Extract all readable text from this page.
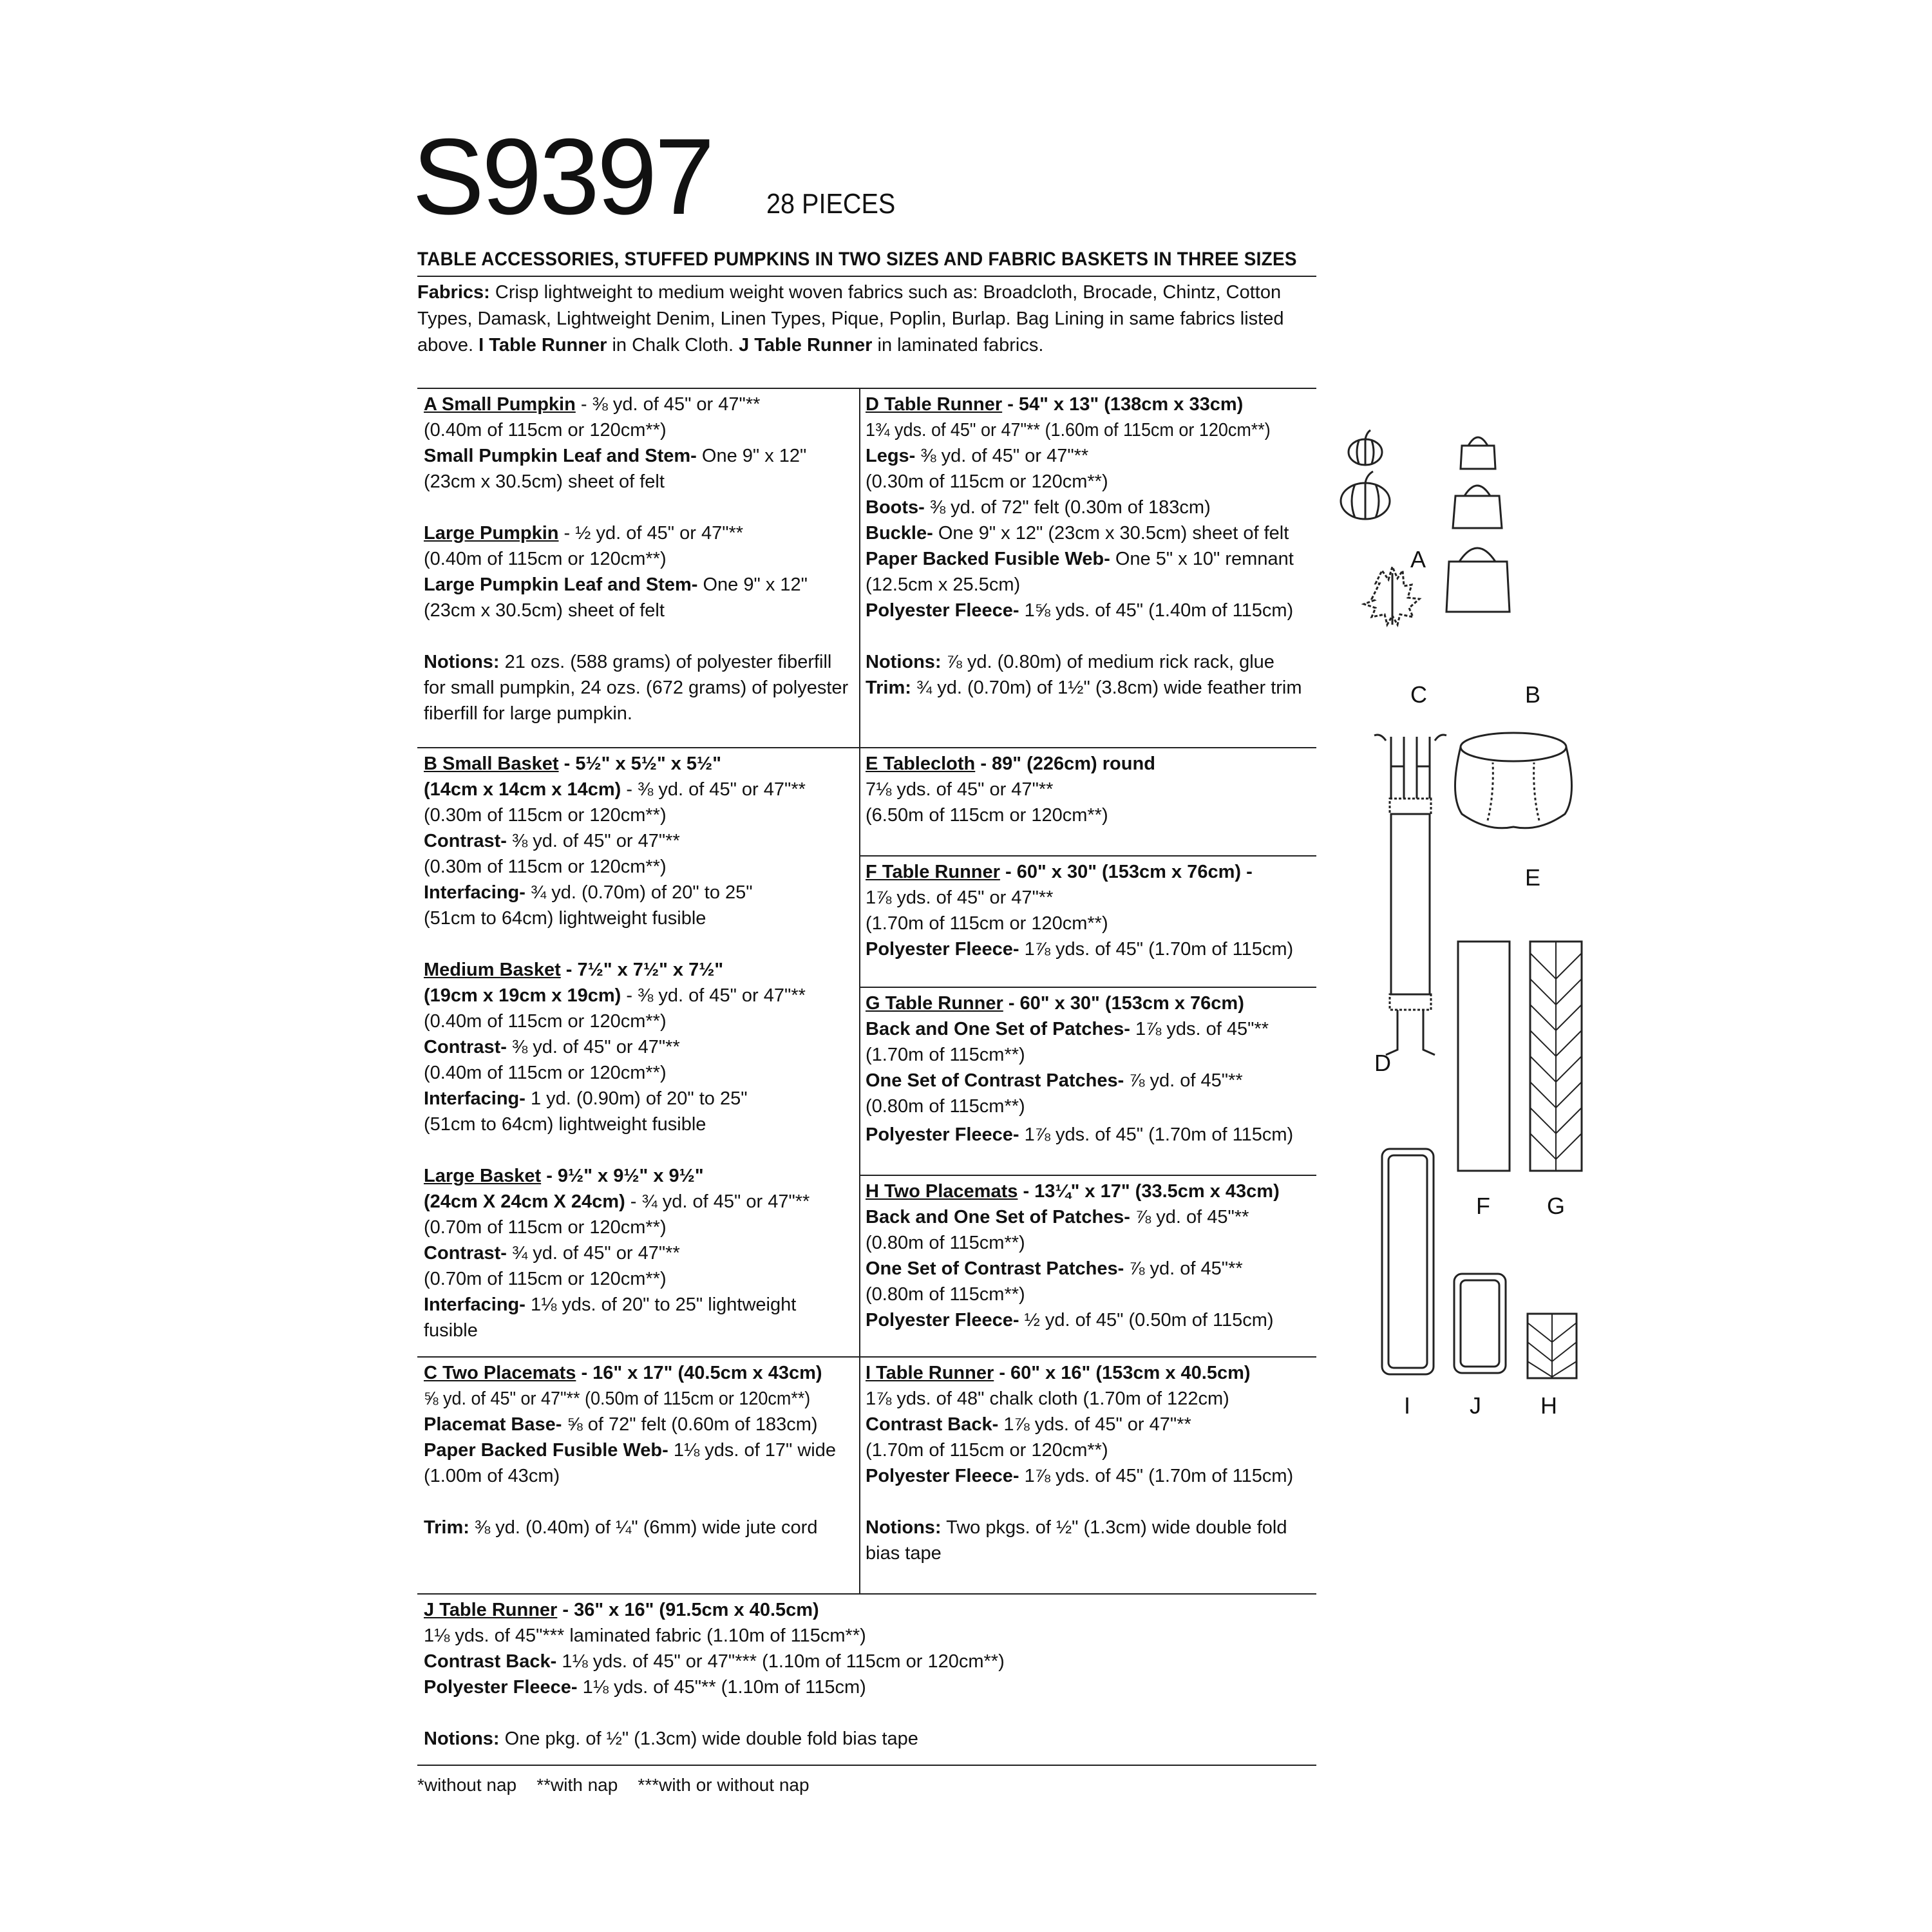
S9397 28 PIECES
TABLE ACCESSORIES, STUFFED PUMPKINS IN TWO SIZES AND FABRIC BASKETS IN THREE SIZES
Fabrics: Crisp lightweight to medium weight woven fabrics such as: Broadcloth, Brocade, Chintz, Cotton Types, Damask, Lightweight Denim, Linen Types, Pique, Poplin, Burlap. Bag Lining in same fabrics listed above. I Table Runner in Chalk Cloth. J Table Runner in laminated fabrics.

A Small Pumpkin - ⅜ yd. of 45" or 47"**

(0.40m of 115cm or 120cm**)

Small Pumpkin Leaf and Stem- One 9" x 12"

(23cm x 30.5cm) sheet of felt

Large Pumpkin - ½ yd. of 45" or 47"**

(0.40m of 115cm or 120cm**)

Large Pumpkin Leaf and Stem- One 9" x 12"

(23cm x 30.5cm) sheet of felt

Notions: 21 ozs. (588 grams) of polyester fiberfill

for small pumpkin, 24 ozs. (672 grams) of polyester

fiberfill for large pumpkin.

B Small Basket - 5½" x 5½" x 5½"

(14cm x 14cm x 14cm) - ⅜ yd. of 45" or 47"**

(0.30m of 115cm or 120cm**)

Contrast- ⅜ yd. of 45" or 47"**

(0.30m of 115cm or 120cm**)

Interfacing- ¾ yd. (0.70m) of 20" to 25"

(51cm to 64cm) lightweight fusible

Medium Basket - 7½" x 7½" x 7½"

(19cm x 19cm x 19cm) - ⅜ yd. of 45" or 47"**

(0.40m of 115cm or 120cm**)

Contrast- ⅜ yd. of 45" or 47"**

(0.40m of 115cm or 120cm**)

Interfacing- 1 yd. (0.90m) of 20" to 25"

(51cm to 64cm) lightweight fusible

Large Basket - 9½" x 9½" x 9½"

(24cm X 24cm X 24cm) - ¾ yd. of 45" or 47"**

(0.70m of 115cm or 120cm**)

Contrast- ¾ yd. of 45" or 47"**

(0.70m of 115cm or 120cm**)

Interfacing- 1⅛ yds. of 20" to 25" lightweight

fusible

C Two Placemats - 16" x 17" (40.5cm x 43cm)

⅝ yd. of 45" or 47"** (0.50m of 115cm or 120cm**)

Placemat Base- ⅝ of 72" felt (0.60m of 183cm)

Paper Backed Fusible Web- 1⅛ yds. of 17" wide

(1.00m of 43cm)

Trim: ⅜ yd. (0.40m) of ¼" (6mm) wide jute cord

D Table Runner - 54" x 13" (138cm x 33cm)

1¾ yds. of 45" or 47"** (1.60m of 115cm or 120cm**)

Legs- ⅜ yd. of 45" or 47"**

(0.30m of 115cm or 120cm**)

Boots- ⅜ yd. of 72" felt (0.30m of 183cm)

Buckle- One 9" x 12" (23cm x 30.5cm) sheet of felt

Paper Backed Fusible Web- One 5" x 10" remnant

(12.5cm x 25.5cm)

Polyester Fleece- 1⅝ yds. of 45" (1.40m of 115cm)

Notions: ⅞ yd. (0.80m) of medium rick rack, glue

Trim: ¾ yd. (0.70m) of 1½" (3.8cm) wide feather trim

E Tablecloth - 89" (226cm) round

7⅛ yds. of 45" or 47"**

(6.50m of 115cm or 120cm**)

F Table Runner - 60" x 30" (153cm x 76cm) -

1⅞ yds. of 45" or 47"**

(1.70m of 115cm or 120cm**)

Polyester Fleece- 1⅞ yds. of 45" (1.70m of 115cm)

G Table Runner - 60" x 30" (153cm x 76cm)

Back and One Set of Patches- 1⅞ yds. of 45"**

(1.70m of 115cm**)

One Set of Contrast Patches- ⅞ yd. of 45"**

(0.80m of 115cm**)

Polyester Fleece- 1⅞ yds. of 45" (1.70m of 115cm)

H Two Placemats - 13¼" x 17" (33.5cm x 43cm)

Back and One Set of Patches- ⅞ yd. of 45"**

(0.80m of 115cm**)

One Set of Contrast Patches- ⅞ yd. of 45"**

(0.80m of 115cm**)

Polyester Fleece- ½ yd. of 45" (0.50m of 115cm)

I Table Runner - 60" x 16" (153cm x 40.5cm)

1⅞ yds. of 48" chalk cloth (1.70m of 122cm)

Contrast Back- 1⅞ yds. of 45" or 47"**

(1.70m of 115cm or 120cm**)

Polyester Fleece- 1⅞ yds. of 45" (1.70m of 115cm)

Notions: Two pkgs. of ½" (1.3cm) wide double fold

bias tape

J Table Runner - 36" x 16" (91.5cm x 40.5cm)

1⅛ yds. of 45"*** laminated fabric (1.10m of 115cm**)

Contrast Back- 1⅛ yds. of 45" or 47"*** (1.10m of 115cm or 120cm**)

Polyester Fleece- 1⅛ yds. of 45"** (1.10m of 115cm)

Notions: One pkg. of ½" (1.3cm) wide double fold bias tape

*without nap    **with nap    ***with or without nap
A
C	B
D
E
F G
I	J	H
